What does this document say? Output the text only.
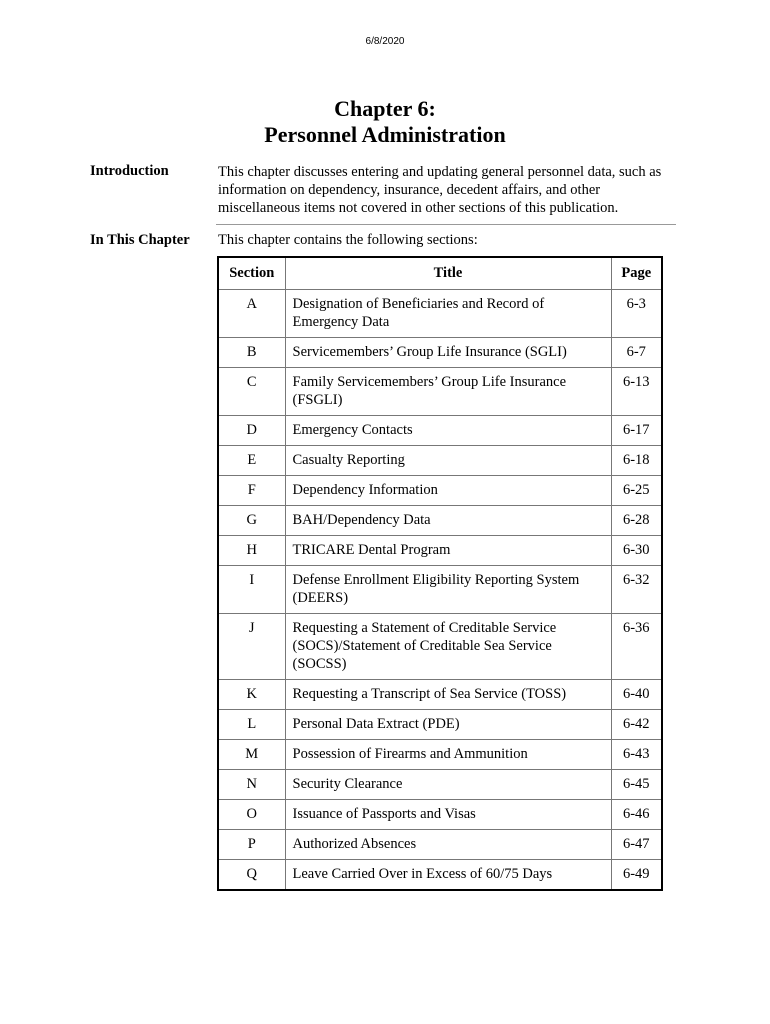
6/8/2020
Chapter 6:
Personnel Administration
Introduction	This chapter discusses entering and updating general personnel data, such as information on dependency, insurance, decedent affairs, and other miscellaneous items not covered in other sections of this publication.
In This Chapter This chapter contains the following sections:
Section	Title	Page
A	Designation of Beneficiaries and Record of Emergency Data	6-3
B	Servicemembers’ Group Life Insurance (SGLI)	6-7
C	Family Servicemembers’ Group Life Insurance (FSGLI)	6-13
D	Emergency Contacts	6-17
E	Casualty Reporting	6-18
F	Dependency Information	6-25
G	BAH/Dependency Data	6-28
H	TRICARE Dental Program	6-30
I	Defense Enrollment Eligibility Reporting System (DEERS)	6-32
J	Requesting a Statement of Creditable Service (SOCS)/Statement of Creditable Sea Service (SOCSS)	6-36
K	Requesting a Transcript of Sea Service (TOSS)	6-40
L	Personal Data Extract (PDE)	6-42
M	Possession of Firearms and Ammunition	6-43
N	Security Clearance	6-45
O	Issuance of Passports and Visas	6-46
P	Authorized Absences	6-47
Q	Leave Carried Over in Excess of 60/75 Days	6-49
